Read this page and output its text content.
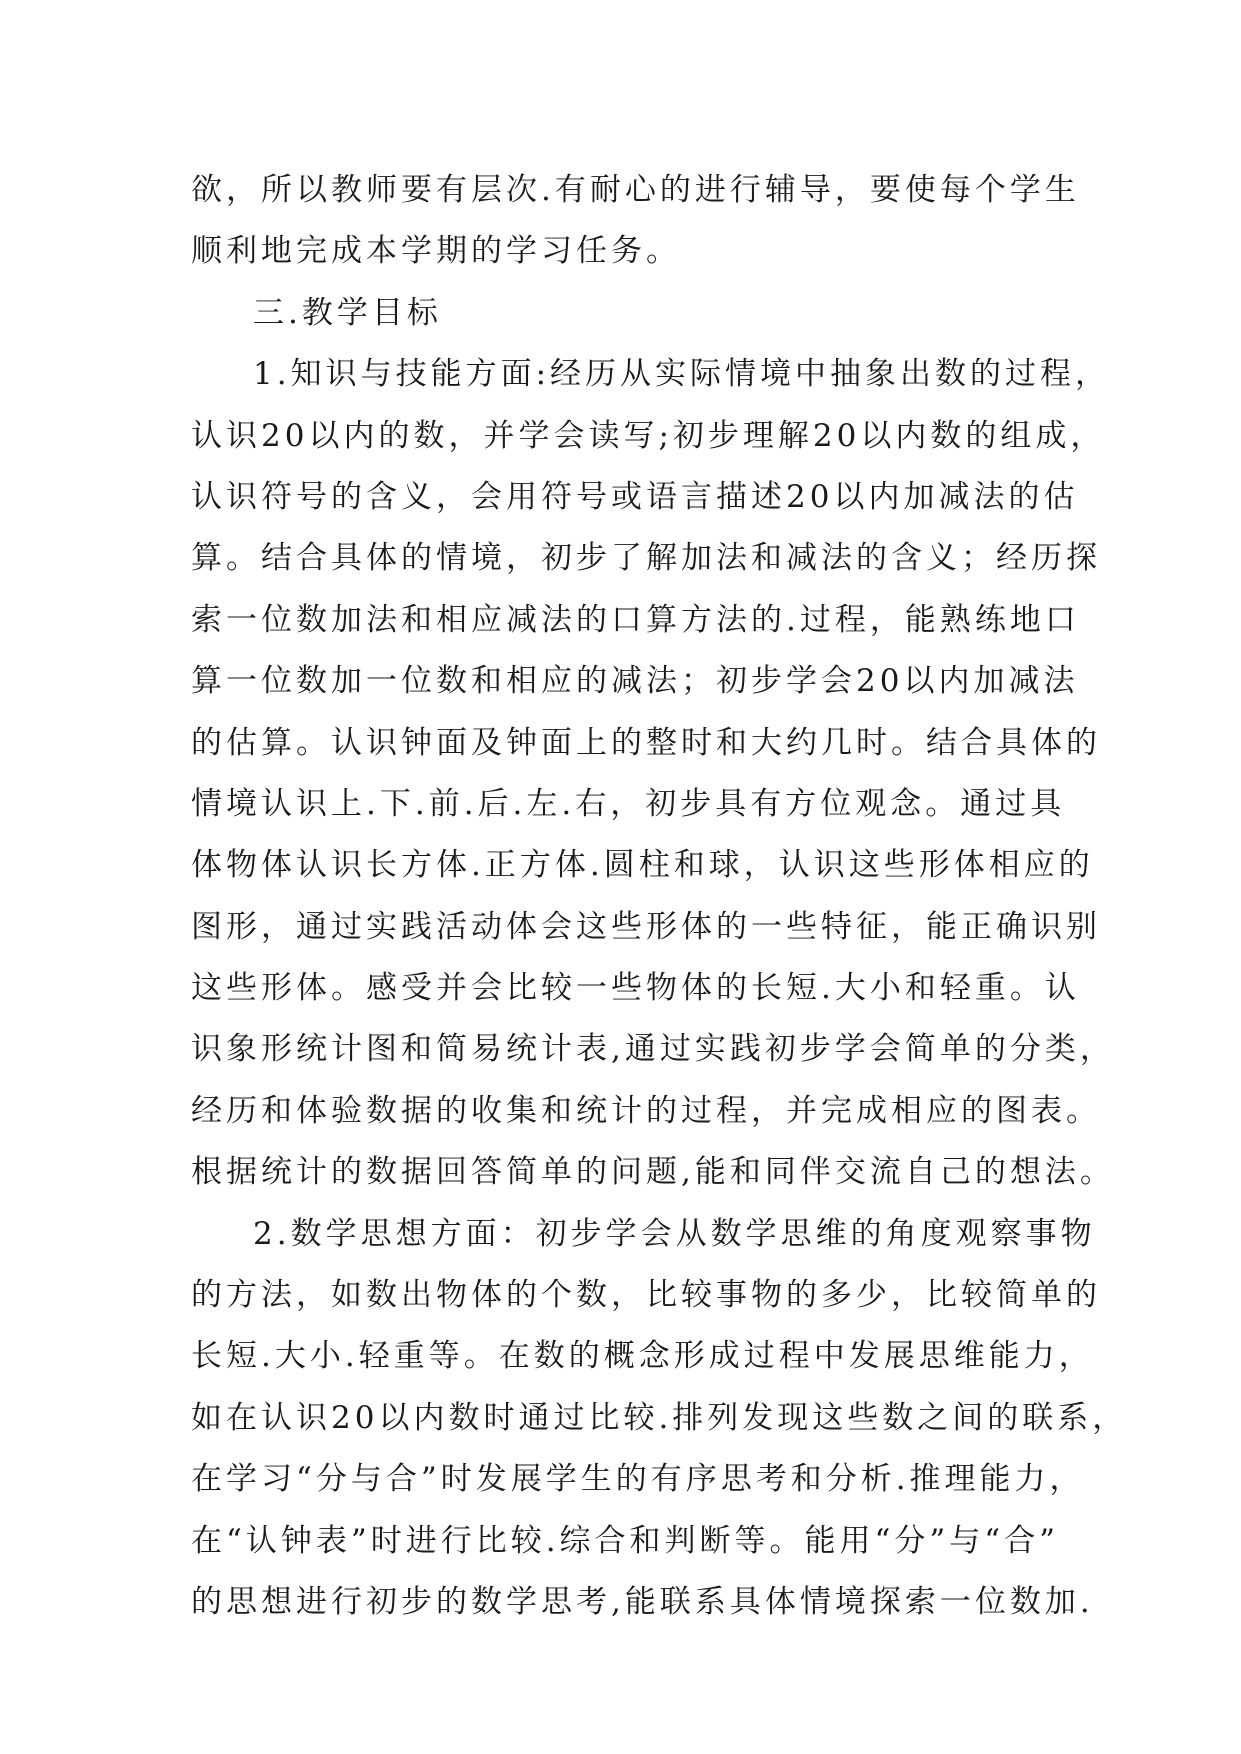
欲，所以教师要有层次.有耐心的进行辅导，要使每个学生
顺利地完成本学期的学习任务。
三.教学目标
1.知识与技能方面:经历从实际情境中抽象出数的过程，
认识20以内的数，并学会读写;初步理解20以内数的组成，
认识符号的含义，会用符号或语言描述20以内加减法的估
算。结合具体的情境，初步了解加法和减法的含义；经历探
索一位数加法和相应减法的口算方法的.过程，能熟练地口
算一位数加一位数和相应的减法；初步学会20以内加减法
的估算。认识钟面及钟面上的整时和大约几时。结合具体的
情境认识上.下.前.后.左.右，初步具有方位观念。通过具
体物体认识长方体.正方体.圆柱和球，认识这些形体相应的
图形，通过实践活动体会这些形体的一些特征，能正确识别
这些形体。感受并会比较一些物体的长短.大小和轻重。认
识象形统计图和简易统计表,通过实践初步学会简单的分类，
经历和体验数据的收集和统计的过程，并完成相应的图表。
根据统计的数据回答简单的问题,能和同伴交流自己的想法。
2.数学思想方面：初步学会从数学思维的角度观察事物
的方法，如数出物体的个数，比较事物的多少，比较简单的
长短.大小.轻重等。在数的概念形成过程中发展思维能力，
如在认识20以内数时通过比较.排列发现这些数之间的联系，
在学习“分与合”时发展学生的有序思考和分析.推理能力，
在“认钟表”时进行比较.综合和判断等。能用“分”与“合”
的思想进行初步的数学思考,能联系具体情境探索一位数加.
